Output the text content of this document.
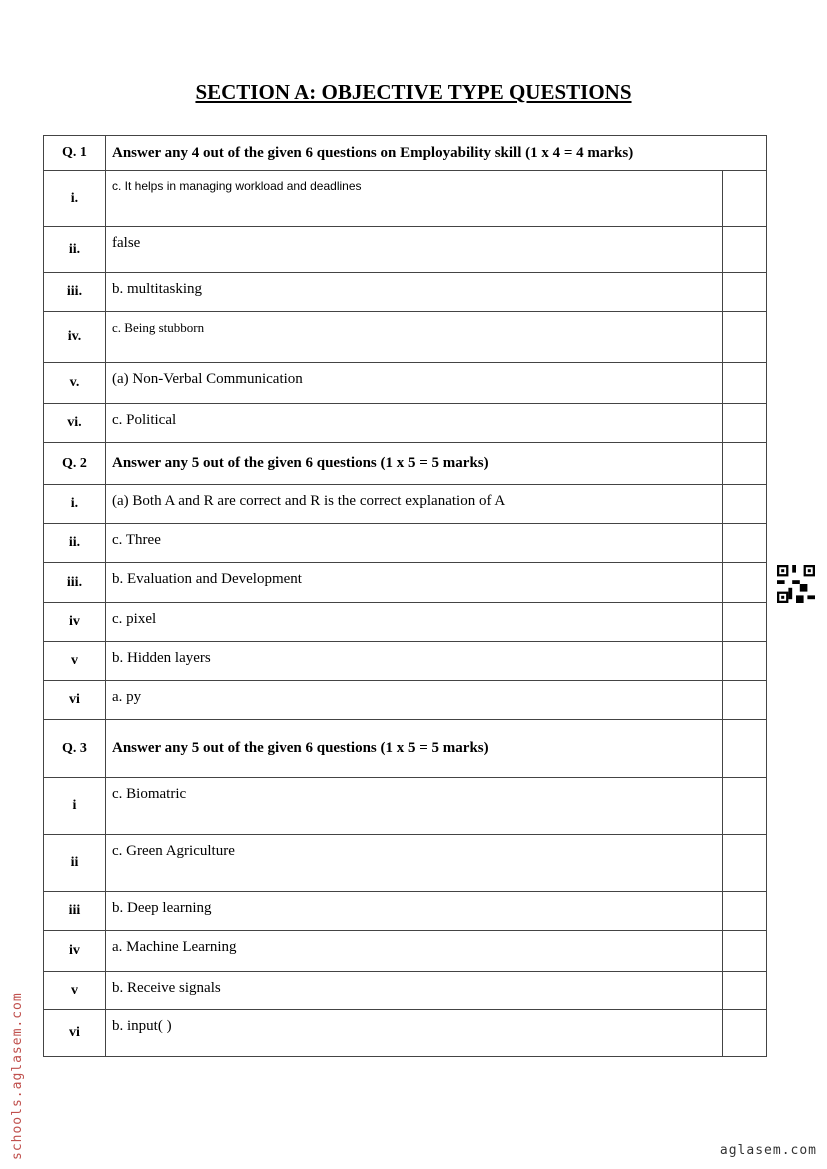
SECTION A: OBJECTIVE TYPE QUESTIONS
Q. 1	Answer any 4 out of the given 6 questions on Employability skill (1 x 4 = 4 marks)	
i.	c. It helps in managing workload and deadlines	
ii.	false	
iii.	b. multitasking	
iv.	c. Being stubborn	
v.	(a) Non-Verbal Communication	
vi.	c. Political	
Q. 2	Answer any 5 out of the given 6 questions (1 x 5 = 5 marks)	
i.	(a) Both A and R are correct and R is the correct explanation of A	
ii.	c. Three	
iii.	b. Evaluation and Development	
iv	c. pixel	
v	b. Hidden layers	
vi	a. py	
Q. 3	Answer any 5 out of the given 6 questions (1 x 5 = 5 marks)	
i	c. Biomatric	
ii	c. Green Agriculture	
iii	b. Deep learning	
iv	a. Machine Learning	
v	b. Receive signals	
vi	b. input( )	
schools.aglasem.com	aglasem.com
